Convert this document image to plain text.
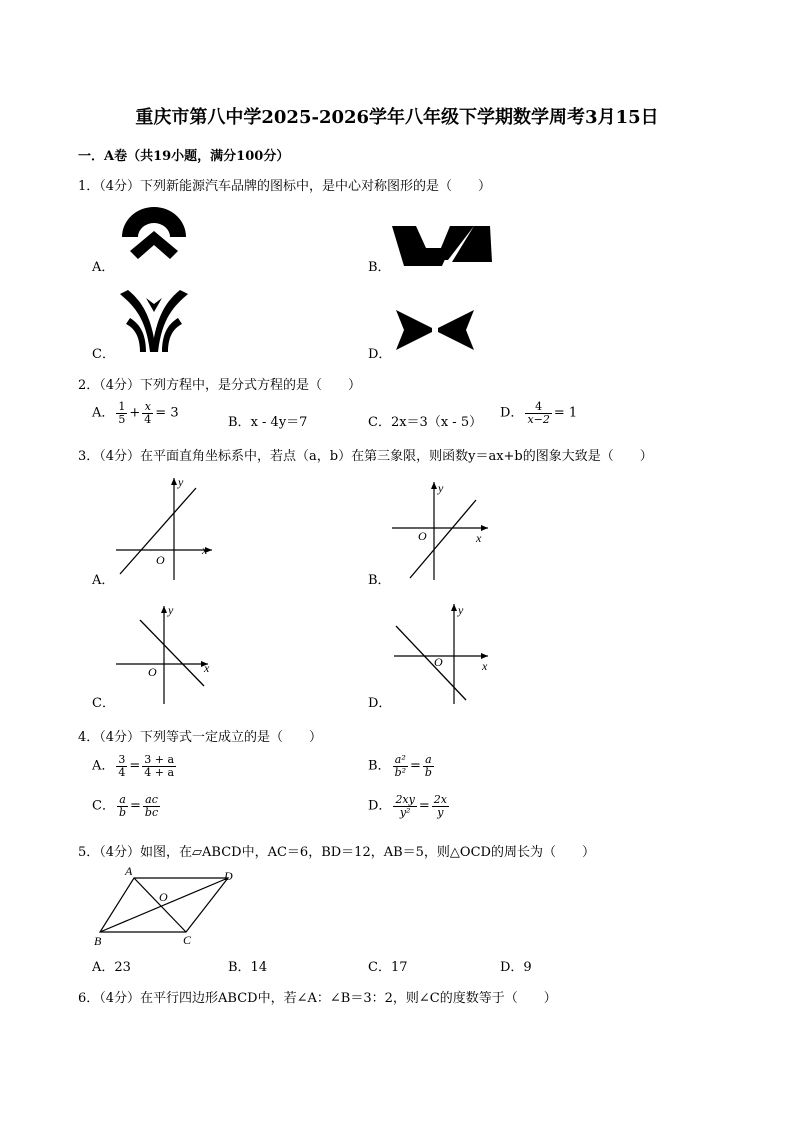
重庆市第八中学2025-2026学年八年级下学期数学周考3月15日
一．A卷（共19小题，满分100分）
1．（4分）下列新能源汽车品牌的图标中，是中心对称图形的是（　　）
A．	B．
C．	D．
2．（4分）下列方程中，是分式方程的是（　　）
A． $\frac{1}{5} + \frac{x}{4} = 3$
B．x - 4y＝7	C．2x＝3（x - 5）
D． $\frac{4}{x-2} = 1$
3．（4分）在平面直角坐标系中，若点（a，b）在第三象限，则函数y＝ax+b的图象大致是（　　）
A．
O
x
y
B．
O	x
y
C．
O	x
y
D．
O	x
y
4．（4分）下列等式一定成立的是（　　）
A． $\frac{3}{4} = \frac{3 + a}{4 + a}$	B． $\frac{\text{a²}}{\text{b²}} = \frac{a}{b}$
C． $\frac{a}{b} = \frac{ac}{bc}$	D． $\frac{2xy}{\text{y²}} = \frac{2x}{y}$
5．（4分）如图，在▱ABCD中，AC＝6，BD＝12，AB＝5，则△OCD的周长为（　　）
A	D
B	C
O
A．23	B．14	C．17	D．9
6．（4分）在平行四边形ABCD中，若∠A：∠B＝3：2，则∠C的度数等于（　　）
